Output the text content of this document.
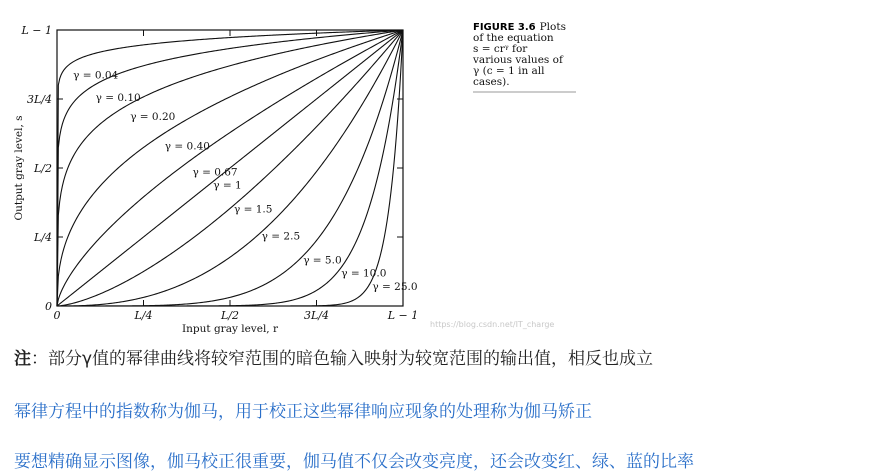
0	L/4	L/2	3L/4	L − 1
0
L/4
L/2
3L/4
L − 1
Input gray level, r
Output gray level, s
γ = 0.04
γ = 0.10
γ = 0.20
γ = 0.40
γ = 0.67
γ = 1
γ = 1.5
γ = 2.5
γ = 5.0
γ = 10.0
γ = 25.0
FIGURE 3.6 Plots
of the equation
s = crᵞ for
various values of
γ (c = 1 in all
cases).
https://blog.csdn.net/IT_charge
注：部分γ值的幂律曲线将较窄范围的暗色输入映射为较宽范围的输出值，相反也成立
幂律方程中的指数称为伽马，用于校正这些幂律响应现象的处理称为伽马矫正
要想精确显示图像，伽马校正很重要，伽马值不仅会改变亮度，还会改变红、绿、蓝的比率
